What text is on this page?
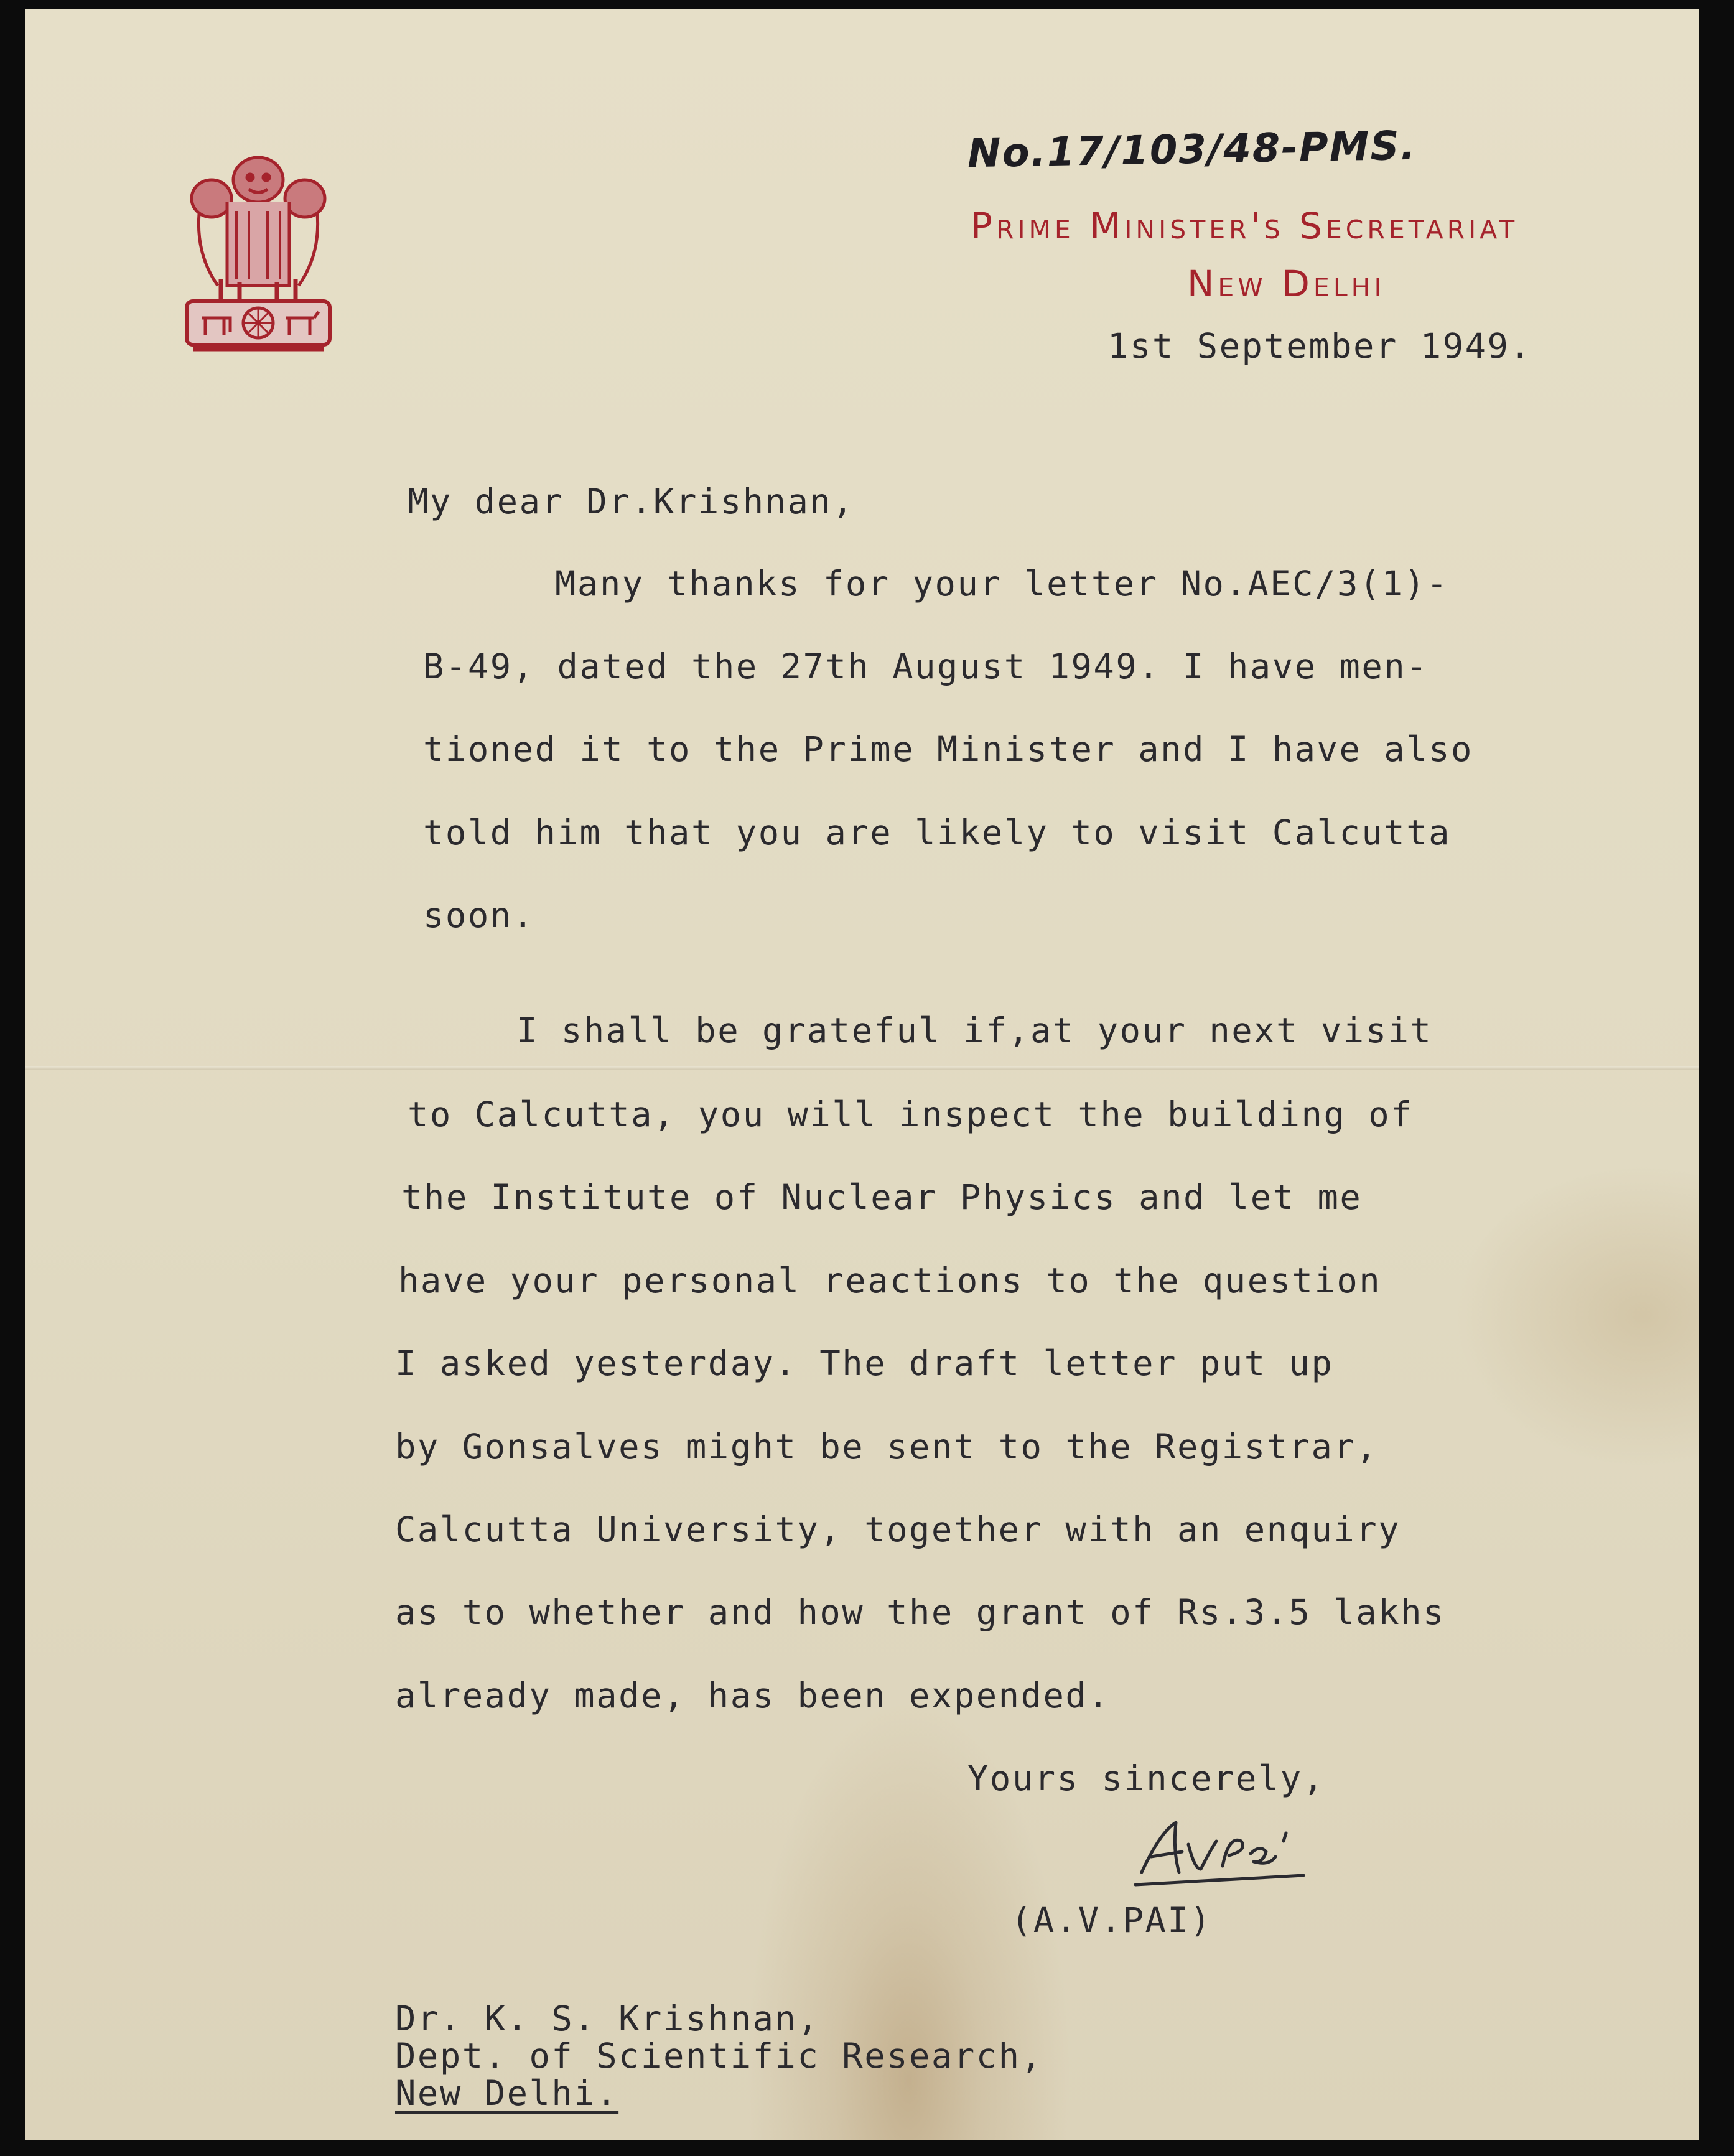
No.17/103/48-PMS.
Prime Minister's Secretariat
New Delhi
1st September 1949.
My dear Dr.Krishnan,
Many thanks for your letter No.AEC/3(1)-
B-49, dated the 27th August 1949. I have men-
tioned it to the Prime Minister and I have also
told him that you are likely to visit Calcutta
soon.
I shall be grateful if,at your next visit
to Calcutta, you will inspect the building of
the Institute of Nuclear Physics and let me
have your personal reactions to the question
I asked yesterday. The draft letter put up
by Gonsalves might be sent to the Registrar,
Calcutta University, together with an enquiry
as to whether and how the grant of Rs.3.5 lakhs
already made, has been expended.
Yours sincerely,
(A.V.PAI)
Dr. K. S. Krishnan,
Dept. of Scientific Research,
New Delhi.
